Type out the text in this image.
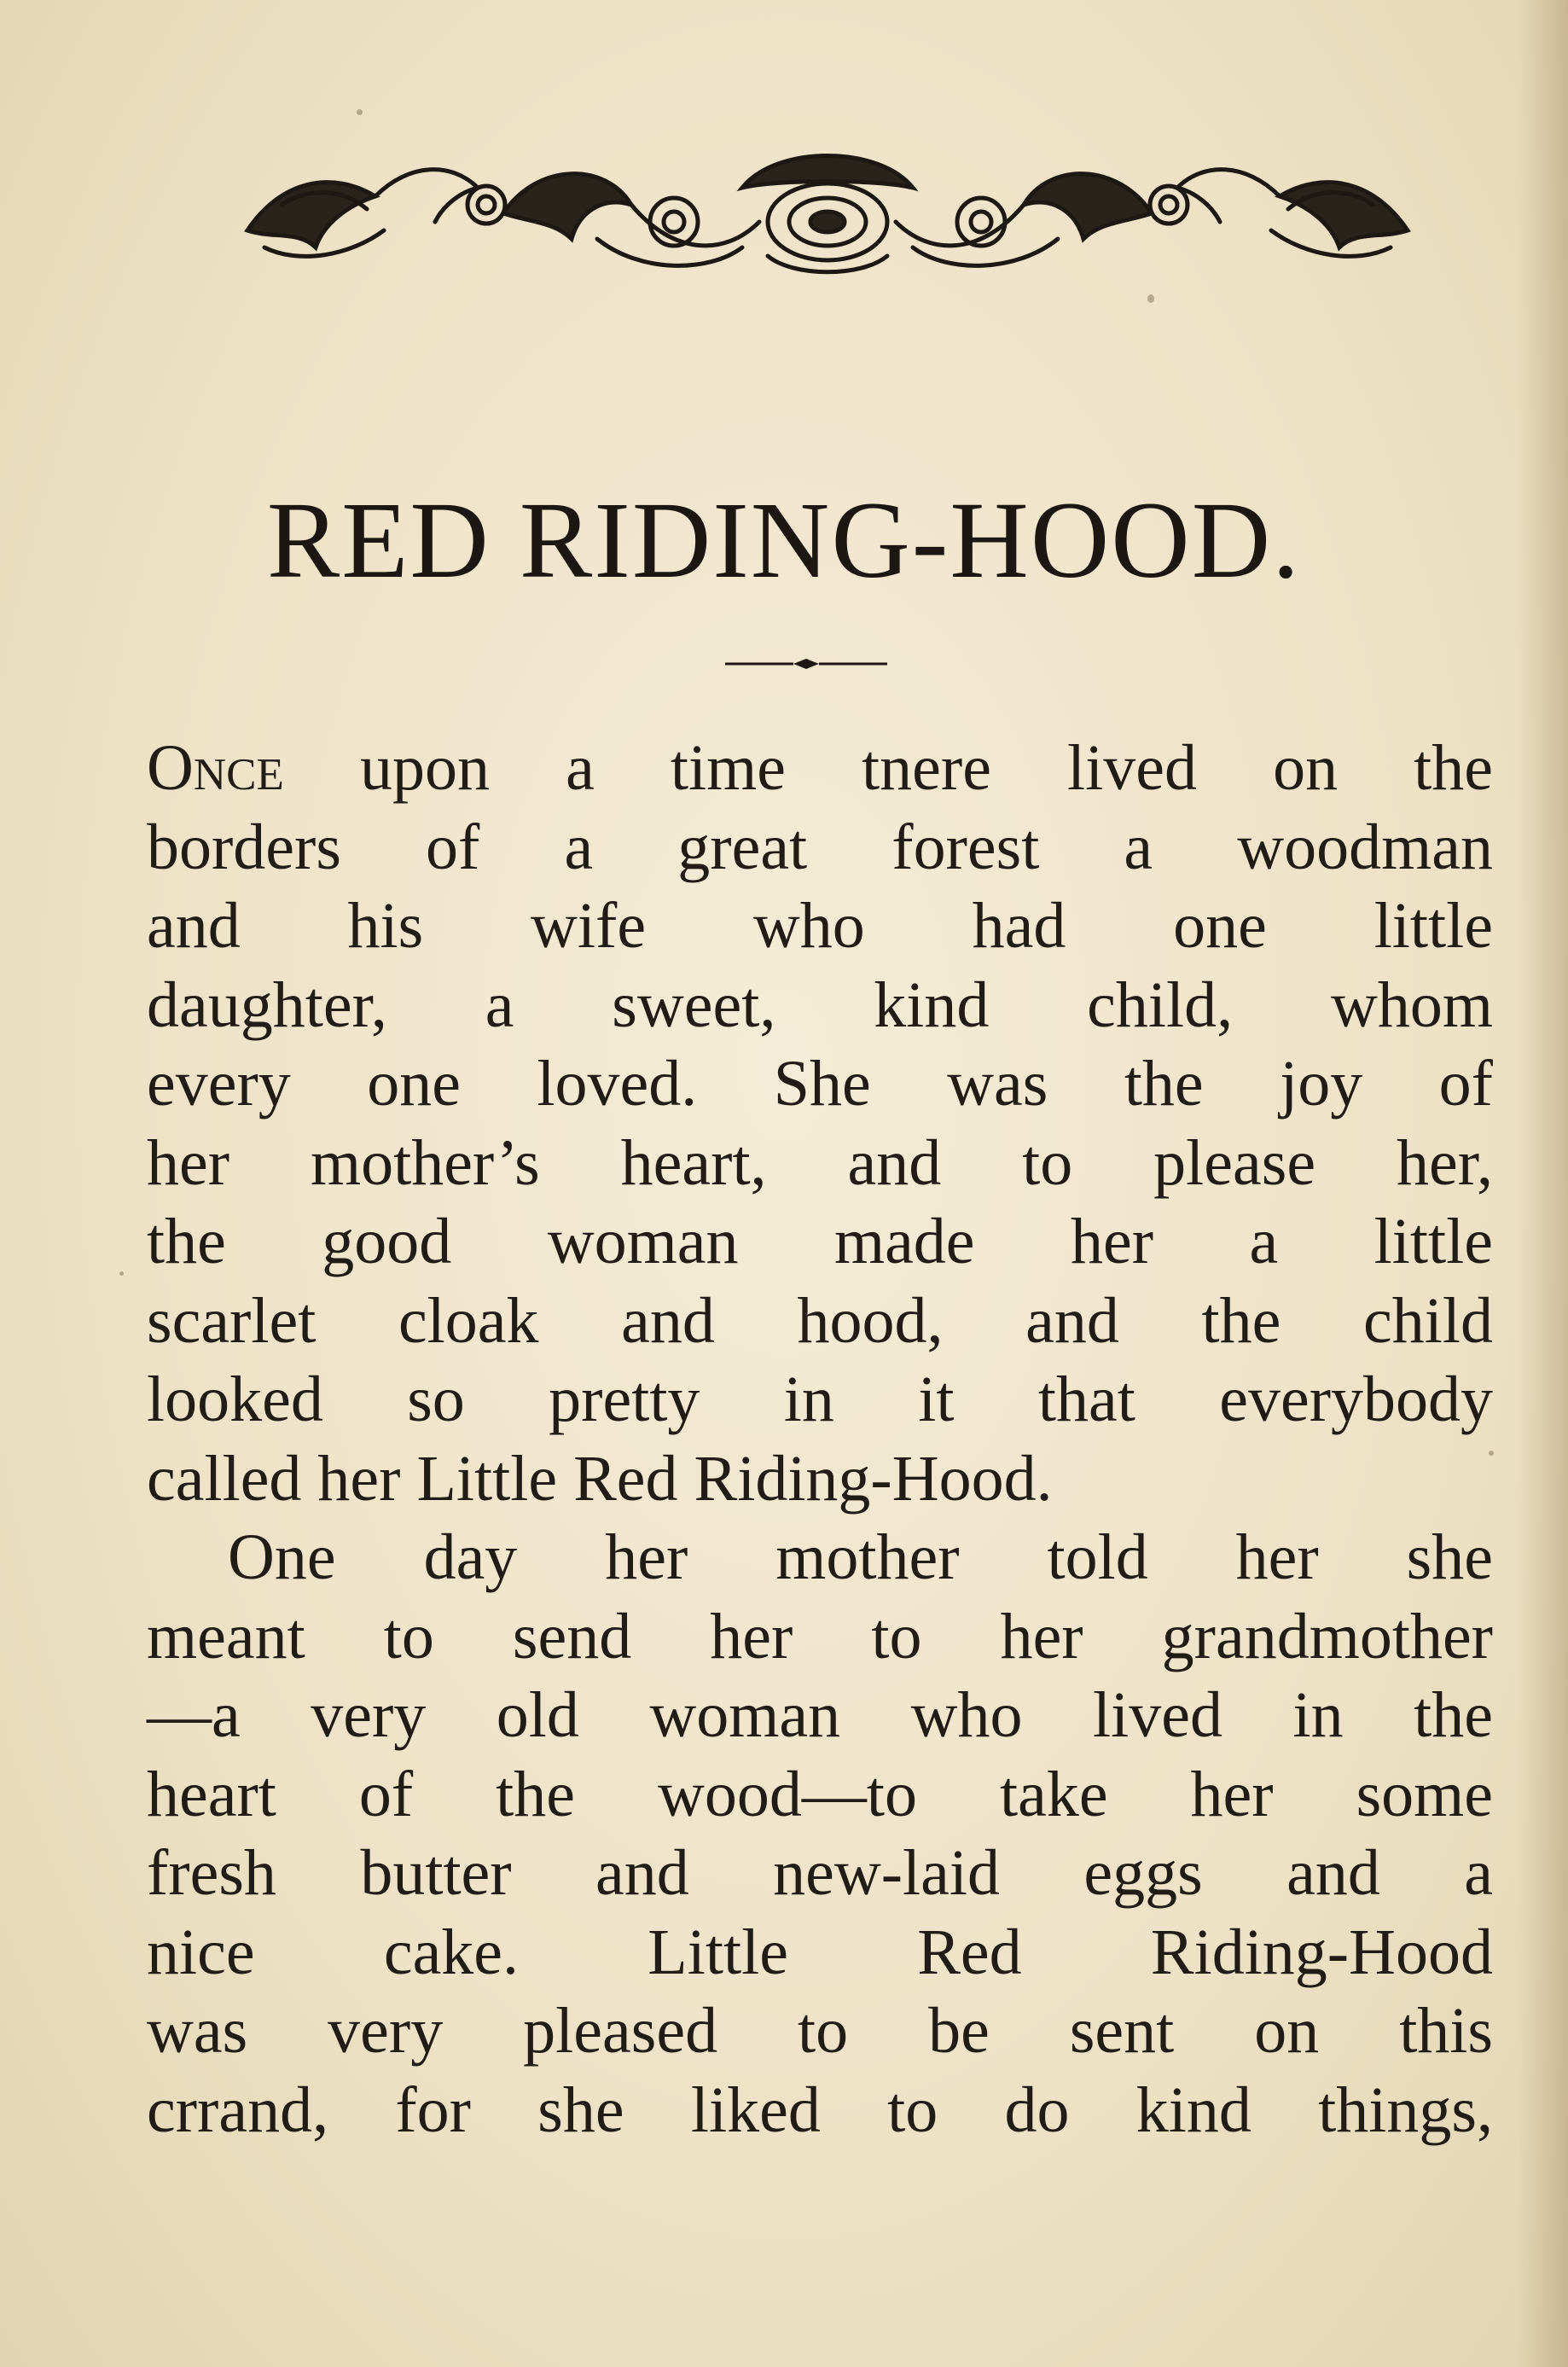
RED RIDING-HOOD.
Once upon a time tnere lived on the
borders of a great forest a woodman
and his wife who had one little
daughter, a sweet, kind child, whom
every one loved. She was the joy of
her mother’s heart, and to please her,
the good woman made her a little
scarlet cloak and hood, and the child
looked so pretty in it that everybody
called her Little Red Riding-Hood.
One day her mother told her she
meant to send her to her grandmother
—a very old woman who lived in the
heart of the wood—to take her some
fresh butter and new-laid eggs and a
nice cake. Little Red Riding-Hood
was very pleased to be sent on this
crrand, for she liked to do kind things,
